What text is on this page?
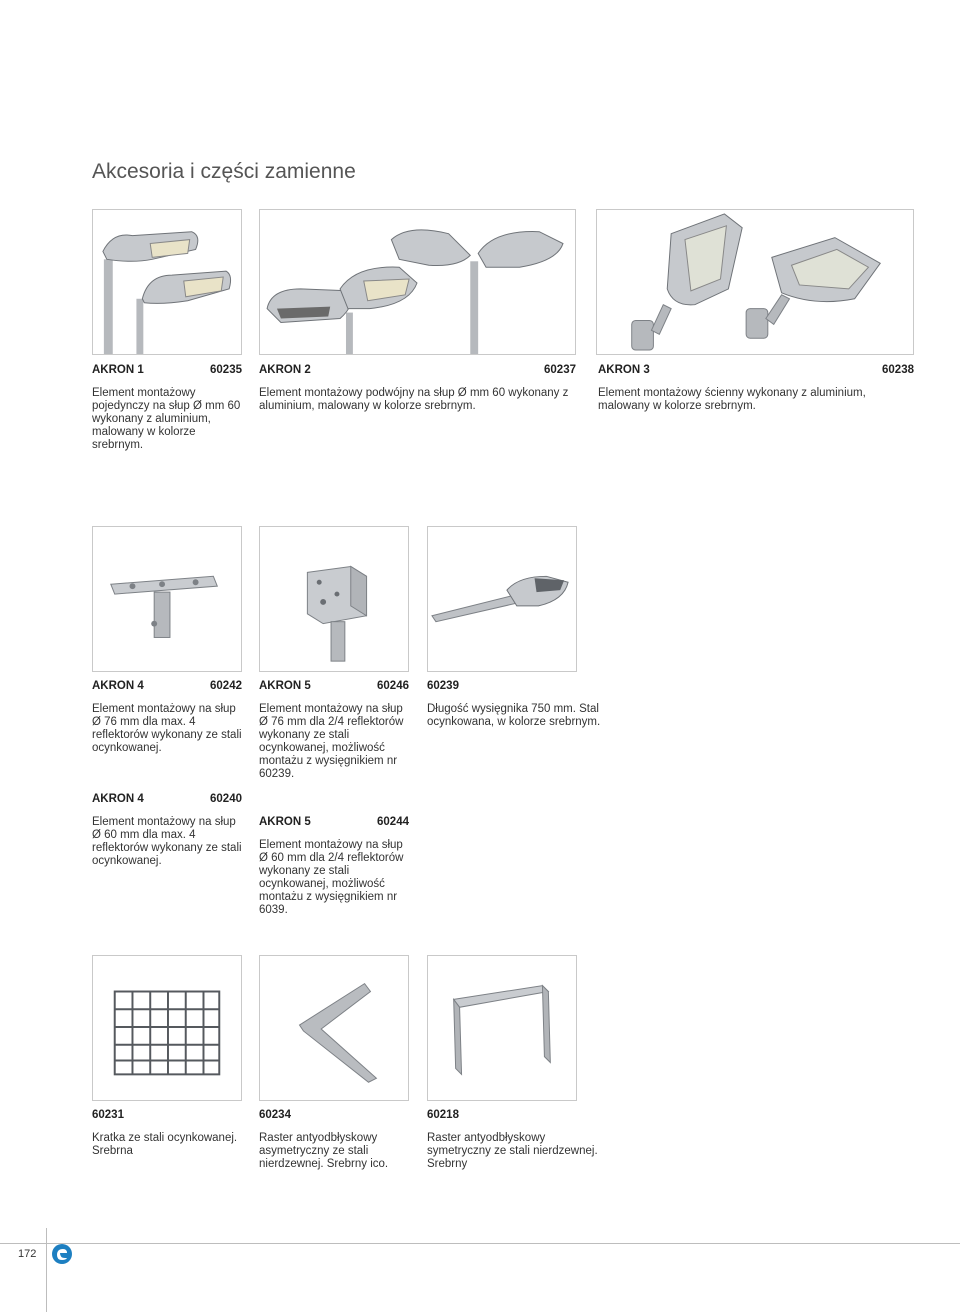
Akcesoria i części zamienne
AKRON 1	60235
Element montażowy pojedynczy na słup Ø mm 60 wykonany z aluminium, malowany w kolorze srebrnym.
AKRON 2	60237
Element montażowy podwójny na słup Ø mm 60 wykonany z aluminium, malowany w kolorze srebrnym.
AKRON 3	60238
Element montażowy ścienny wykonany z aluminium, malowany w kolorze srebrnym.
AKRON 4	60242
Element montażowy na słup Ø 76 mm dla max. 4 reflektorów wykonany ze stali ocynkowanej.
AKRON 5	60246
Element montażowy na słup Ø 76 mm dla 2/4 reflektorów wykonany ze stali ocynkowanej, możliwość montażu z wysięgnikiem nr 60239.
60239
Długość wysięgnika 750 mm. Stal ocynkowana, w kolorze srebrnym.
AKRON 4	60240
Element montażowy na słup Ø 60 mm dla max. 4 reflektorów wykonany ze stali ocynkowanej.
AKRON 5	60244
Element montażowy na słup Ø 60 mm dla 2/4 reflektorów wykonany ze stali ocynkowanej, możliwość montażu z wysięgnikiem nr 6039.
60231
Kratka ze stali ocynkowanej. Srebrna
60234
Raster antyodbłyskowy asymetryczny ze stali nierdzewnej. Srebrny ico.
60218
Raster antyodbłyskowy symetryczny ze stali nierdzewnej. Srebrny
172
